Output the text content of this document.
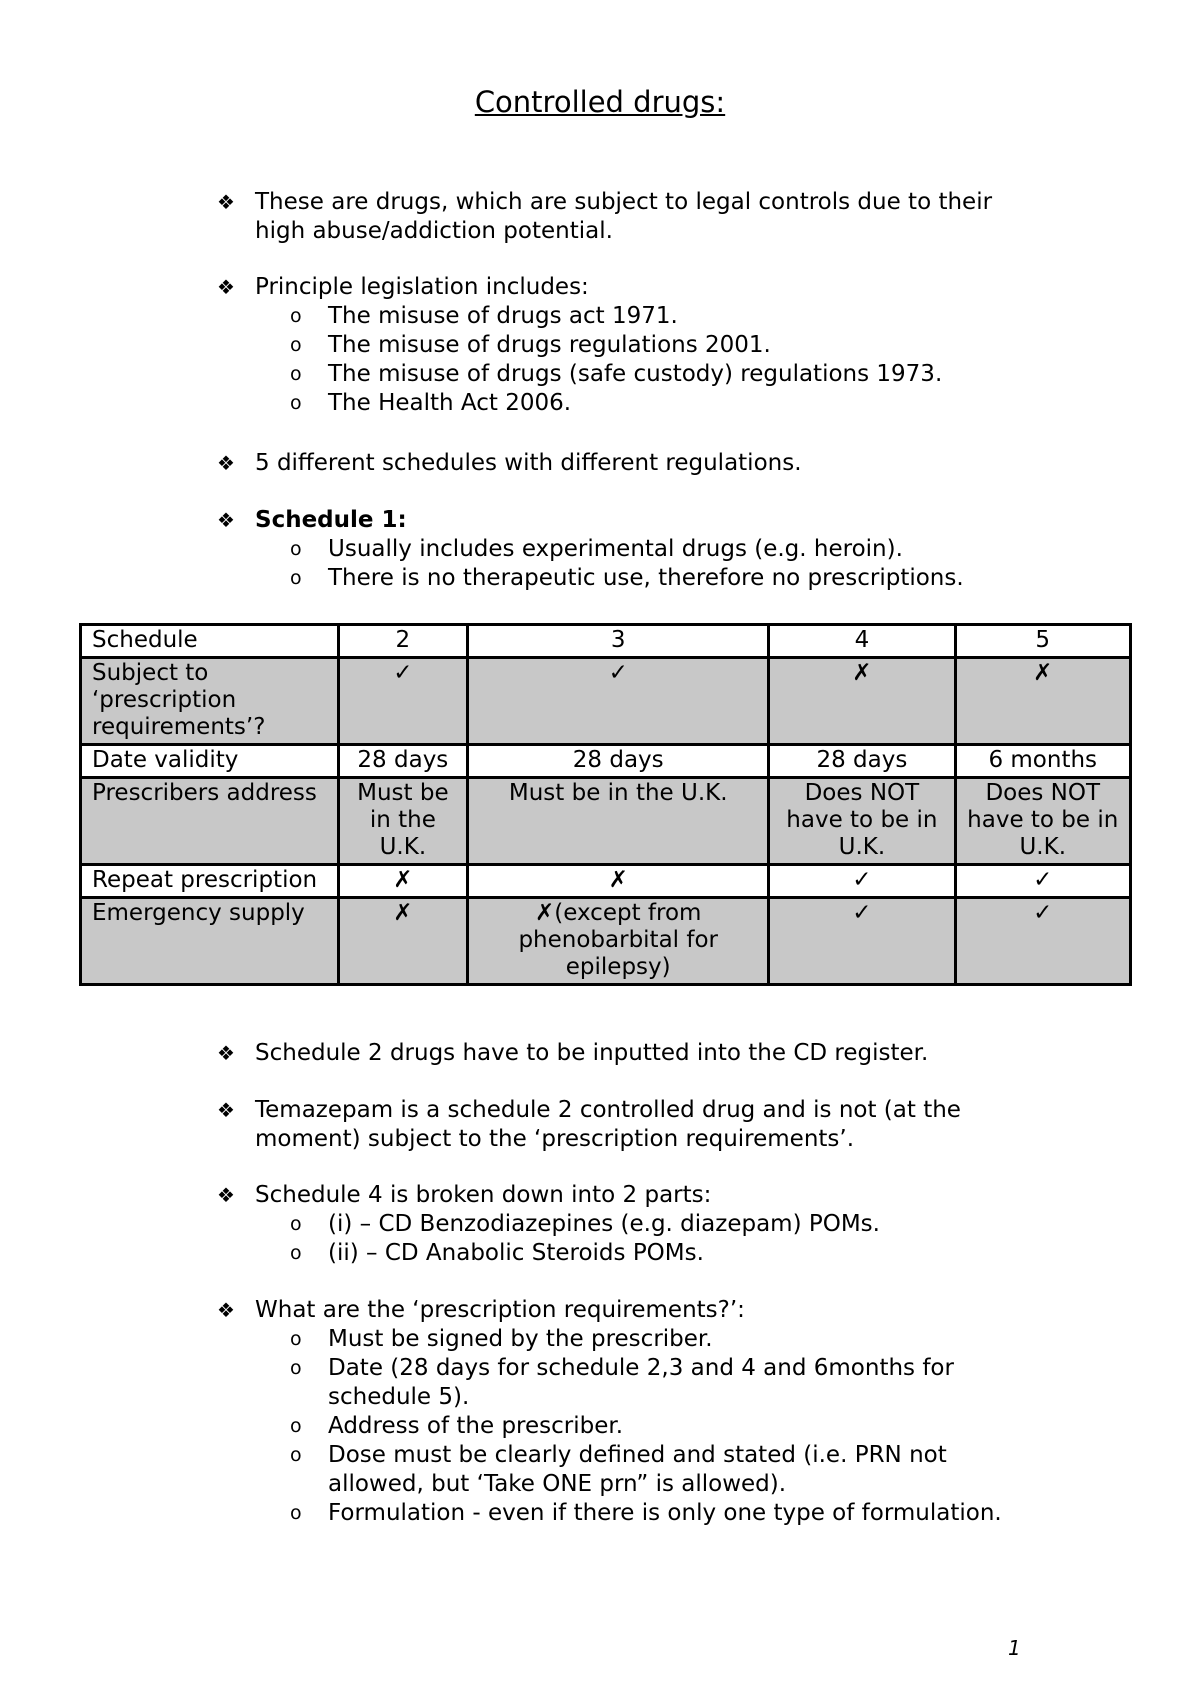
Controlled drugs:
❖ These are drugs, which are subject to legal controls due to their high abuse/addiction potential.
❖ Principle legislation includes:
o The misuse of drugs act 1971.
o The misuse of drugs regulations 2001.
o The misuse of drugs (safe custody) regulations 1973.
o The Health Act 2006.
❖ 5 different schedules with different regulations.
❖ Schedule 1:
o Usually includes experimental drugs (e.g. heroin).
o There is no therapeutic use, therefore no prescriptions.
Schedule	2	3	4	5
Subject to ‘prescription requirements’?	✓	✓	✗	✗
Date validity	28 days	28 days	28 days	6 months
Prescribers address	Must be in the U.K.	Must be in the U.K.	Does NOT have to be in U.K.	Does NOT have to be in U.K.
Repeat prescription	✗	✗	✓	✓
Emergency supply	✗	✗(except from phenobarbital for epilepsy)	✓	✓
❖ Schedule 2 drugs have to be inputted into the CD register.
❖ Temazepam is a schedule 2 controlled drug and is not (at the moment) subject to the ‘prescription requirements’.
❖ Schedule 4 is broken down into 2 parts:
o (i) – CD Benzodiazepines (e.g. diazepam) POMs.
o (ii) – CD Anabolic Steroids POMs.
❖ What are the ‘prescription requirements?’:
o Must be signed by the prescriber.
o Date (28 days for schedule 2,3 and 4 and 6months for schedule 5).
o Address of the prescriber.
o Dose must be clearly defined and stated (i.e. PRN not allowed, but ‘Take ONE prn” is allowed).
o Formulation - even if there is only one type of formulation.
1
